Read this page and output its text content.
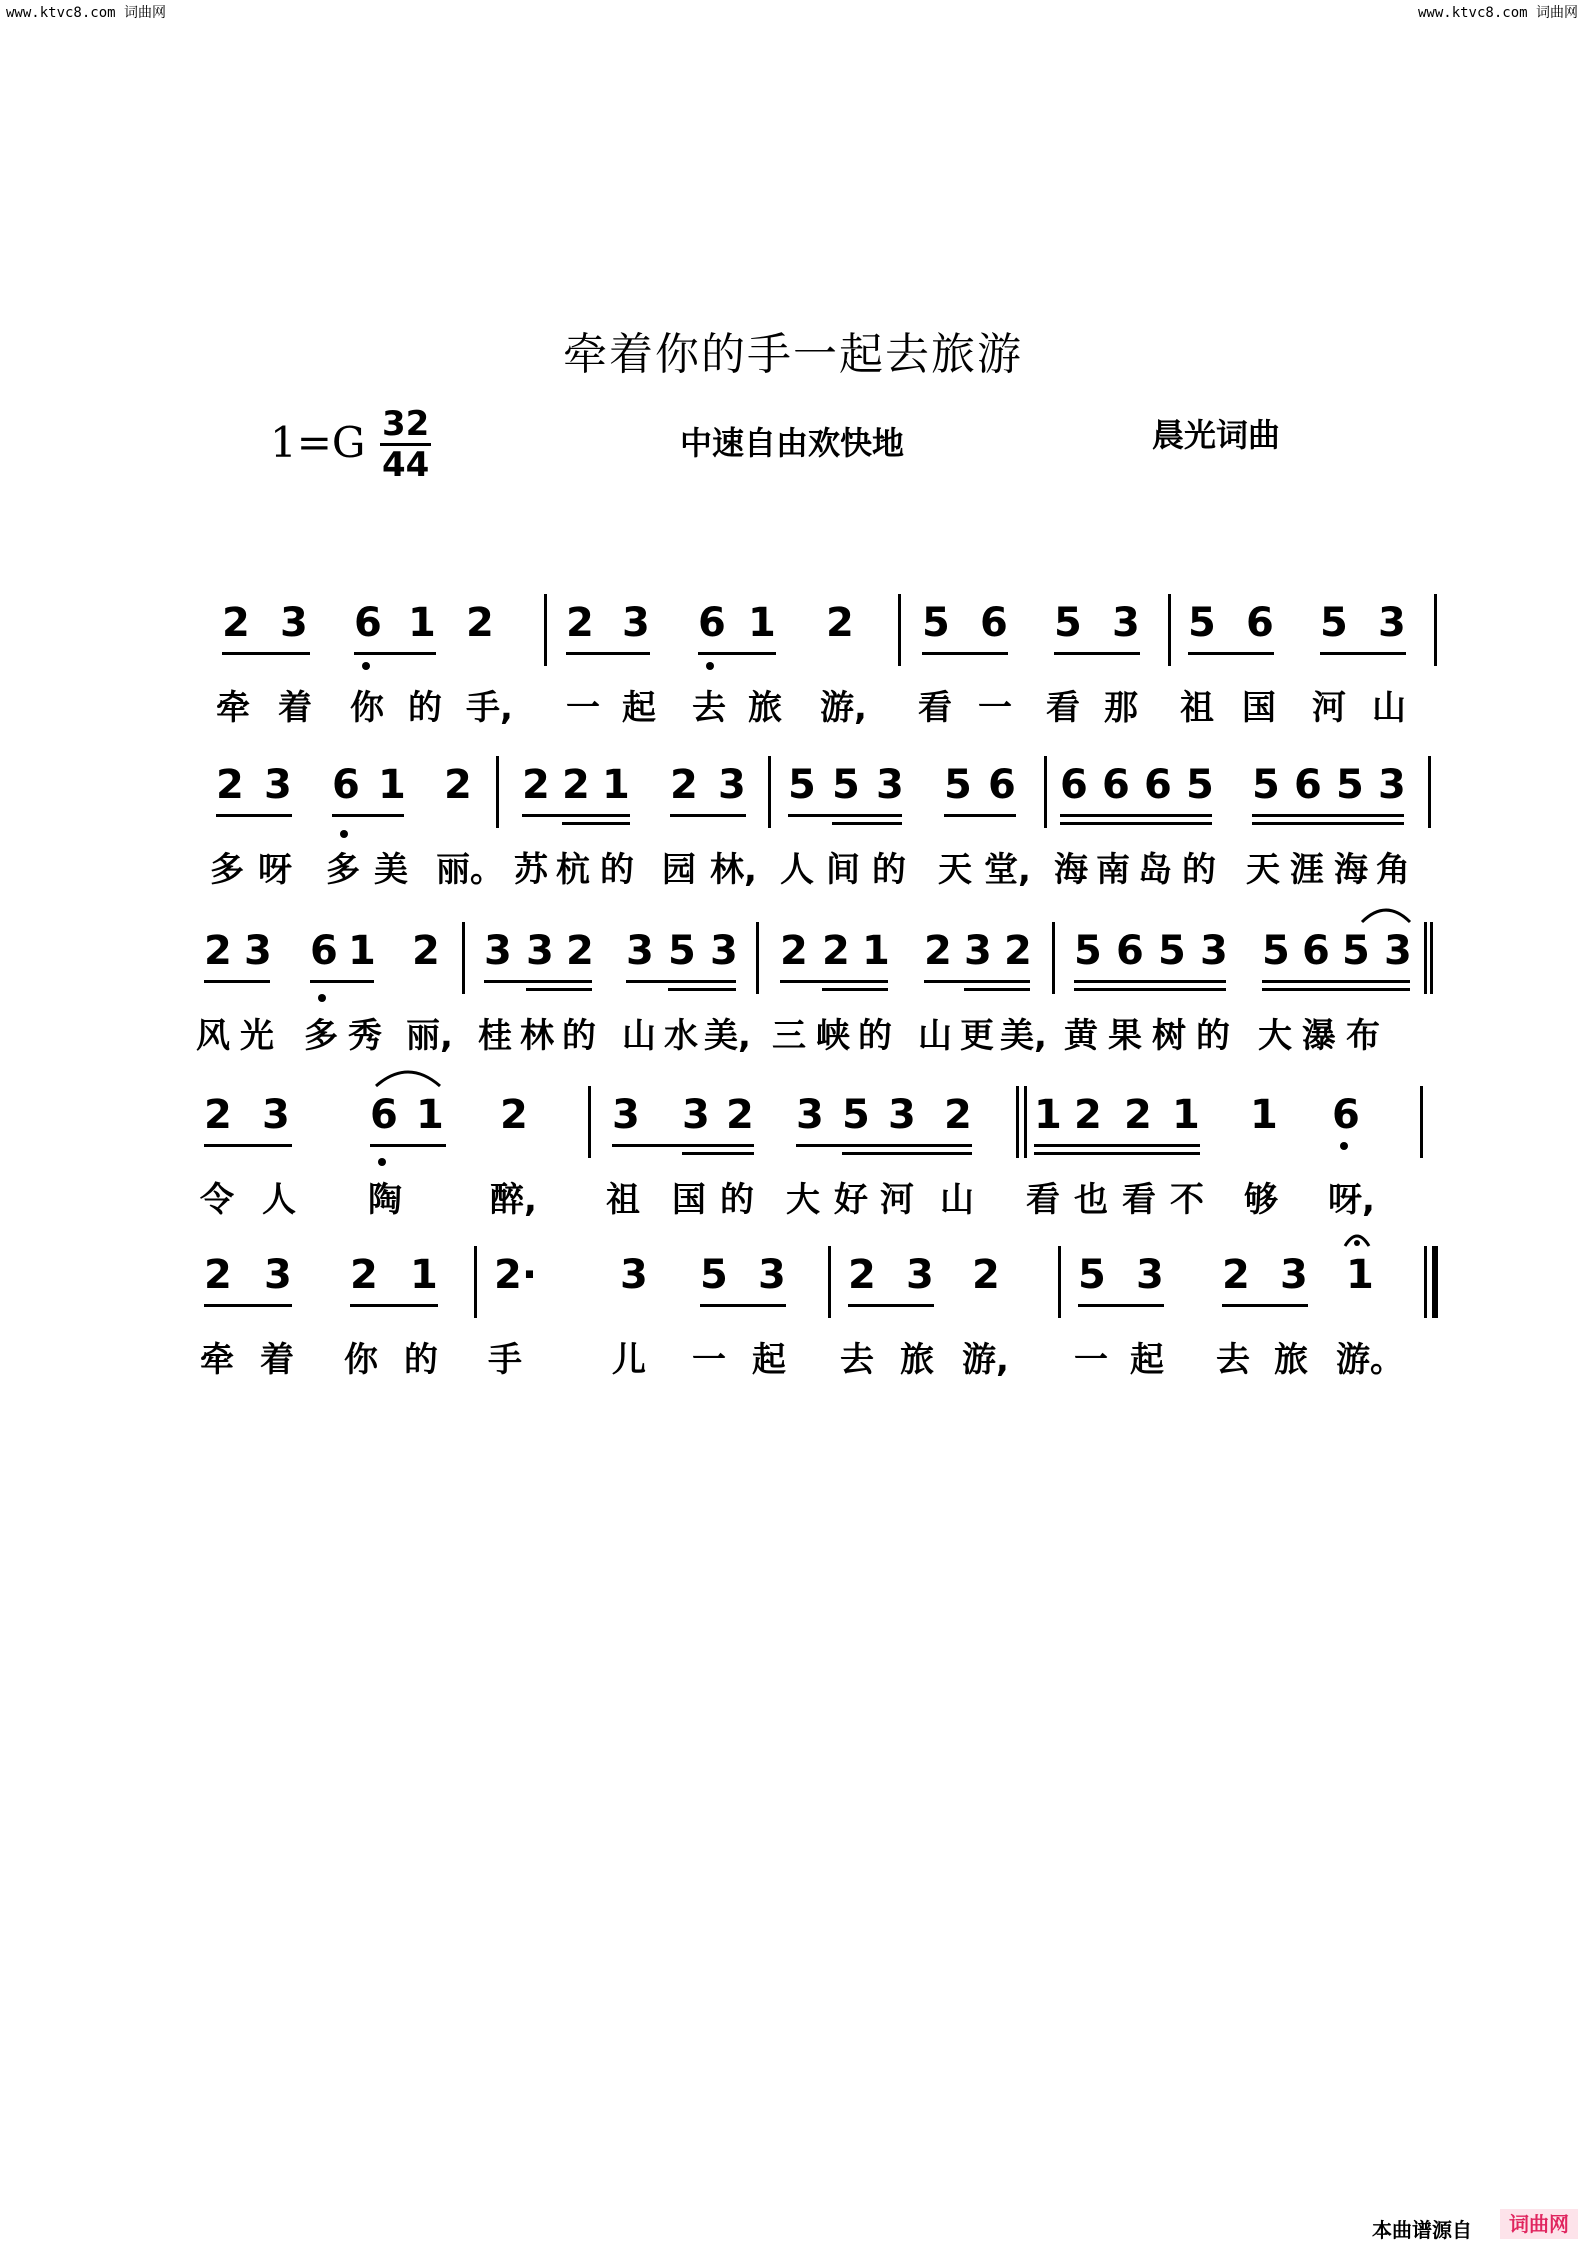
www.ktvc8.com 词曲网	www.ktvc8.com 词曲网
牵着你的手一起去旅游
1=G 32
44
中速自由欢快地	晨光词曲
2 3 6 1 2 2 3 6 1 2 5 6 5 3 5 6 5 3
牵 着 你 的 手, 一 起 去 旅 游, 看 一 看 那 祖 国 河 山
2 3 6 1 2 2 2 1 2 3 5 5 3 5 6 6 6 6 5 5 6 5 3
多 呀 多 美 丽。 苏 杭 的 园 林, 人 间 的 天 堂, 海 南 岛 的 天 涯 海 角
2 3 6 1 2 3 3 2 3 5 3 2 2 1 2 3 2 5 6 5 3 5 6 5 3
风 光 多 秀 丽, 桂 林 的 山 水 美, 三 峡 的 山 更 美, 黄 果 树 的 大 瀑 布
2 3 6 1 2 3 3 2 3 5 3 2 1 2 2 1 1 6
令 人 陶	醉, 祖 国 的 大 好 河 山 看 也 看 不 够 呀,
2 3 2 1 2· 3 5 3 2 3 2 5 3 2 3 1
牵 着 你 的 手	儿 一 起 去 旅 游, 一 起 去 旅 游。
本曲谱源自	词曲网
